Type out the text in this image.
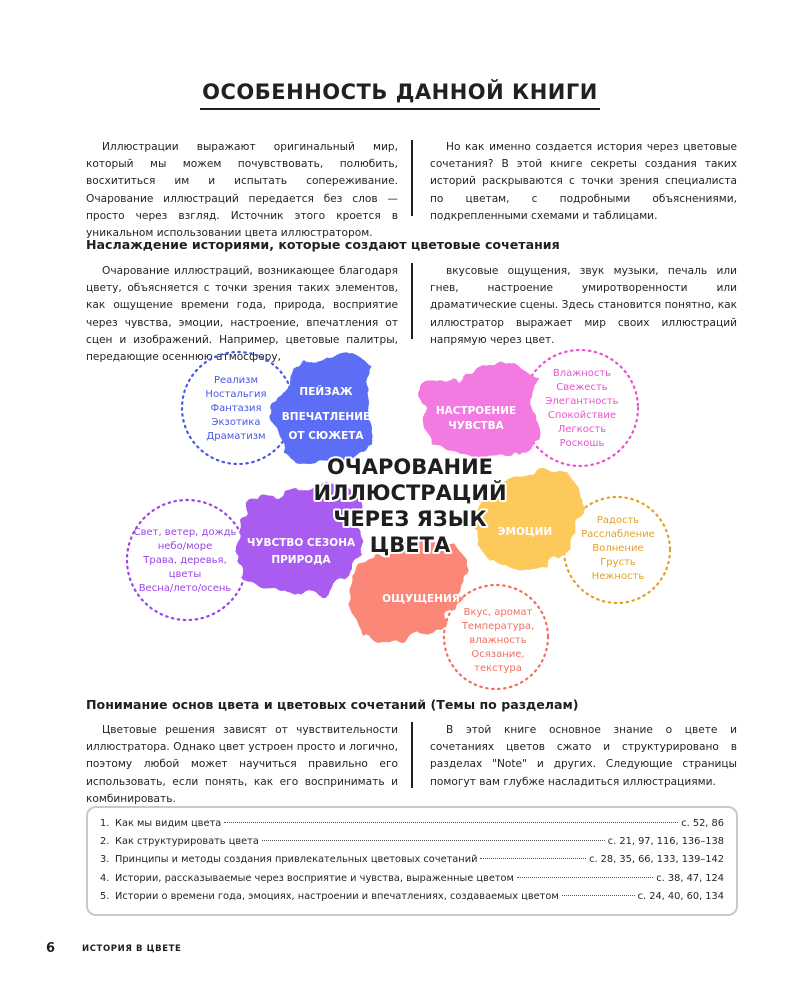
ОСОБЕННОСТЬ ДАННОЙ КНИГИ

Иллюстрации выражают оригинальный мир, который мы можем почувствовать, полюбить, восхититься им и испытать сопереживание. Очарование иллюстраций передается без слов — просто через взгляд. Источник этого кроется в уникальном использовании цвета иллюстратором.

Но как именно создается история через цветовые сочетания? В этой книге секреты создания таких историй раскрываются с точки зрения специалиста по цветам, с подробными объяснениями, подкрепленными схемами и таблицами.

Наслаждение историями, которые создают цветовые сочетания

Очарование иллюстраций, возникающее благодаря цвету, объясняется с точки зрения таких элементов, как ощущение времени года, природа, восприятие через чувства, эмоции, настроение, впечатления от сцен и изображений. Например, цветовые палитры, передающие осеннюю атмосферу,

вкусовые ощущения, звук музыки, печаль или гнев, настроение умиротворенности или драматические сцены. Здесь становится понятно, как иллюстратор выражает мир своих иллюстраций напрямую через цвет.

ПЕЙЗАЖ
ВПЕЧАТЛЕНИЕ
ОТ СЮЖЕТА
НАСТРОЕНИЕ
ЧУВСТВА
ЧУВСТВО СЕЗОНА
ПРИРОДА
ЭМОЦИИ
ОЩУЩЕНИЯ
Реализм
Ностальгия
Фантазия
Экзотика
Драматизм
Влажность
Свежесть
Элегантность
Спокойствие
Легкость
Роскошь
Свет, ветер, дождь
небо/море
Трава, деревья,
цветы
Весна/лето/осень
Радость
Расслабление
Волнение
Грусть
Нежность
Вкус, аромат
Температура,
влажность
Осязание,
текстура
ОЧАРОВАНИЕ
ИЛЛЮСТРАЦИЙ
ЧЕРЕЗ ЯЗЫК
ЦВЕТА
Понимание основ цвета и цветовых сочетаний (Темы по разделам)

Цветовые решения зависят от чувствительности иллюстратора. Однако цвет устроен просто и логично, поэтому любой может научиться правильно его использовать, если понять, как его воспринимать и комбинировать.

В этой книге основное знание о цвете и сочетаниях цветов сжато и структурировано в разделах "Note" и других. Следующие страницы помогут вам глубже насладиться иллюстрациями.

1. Как мы видим цвета	с. 52, 86
2. Как структурировать цвета	с. 21, 97, 116, 136–138
3. Принципы и методы создания привлекательных цветовых сочетаний	с. 28, 35, 66, 133, 139–142
4. Истории, рассказываемые через восприятие и чувства, выраженные цветом	с. 38, 47, 124
5. Истории о времени года, эмоциях, настроении и впечатлениях, создаваемых цветом	с. 24, 40, 60, 134
6	ИСТОРИЯ В ЦВЕТЕ
